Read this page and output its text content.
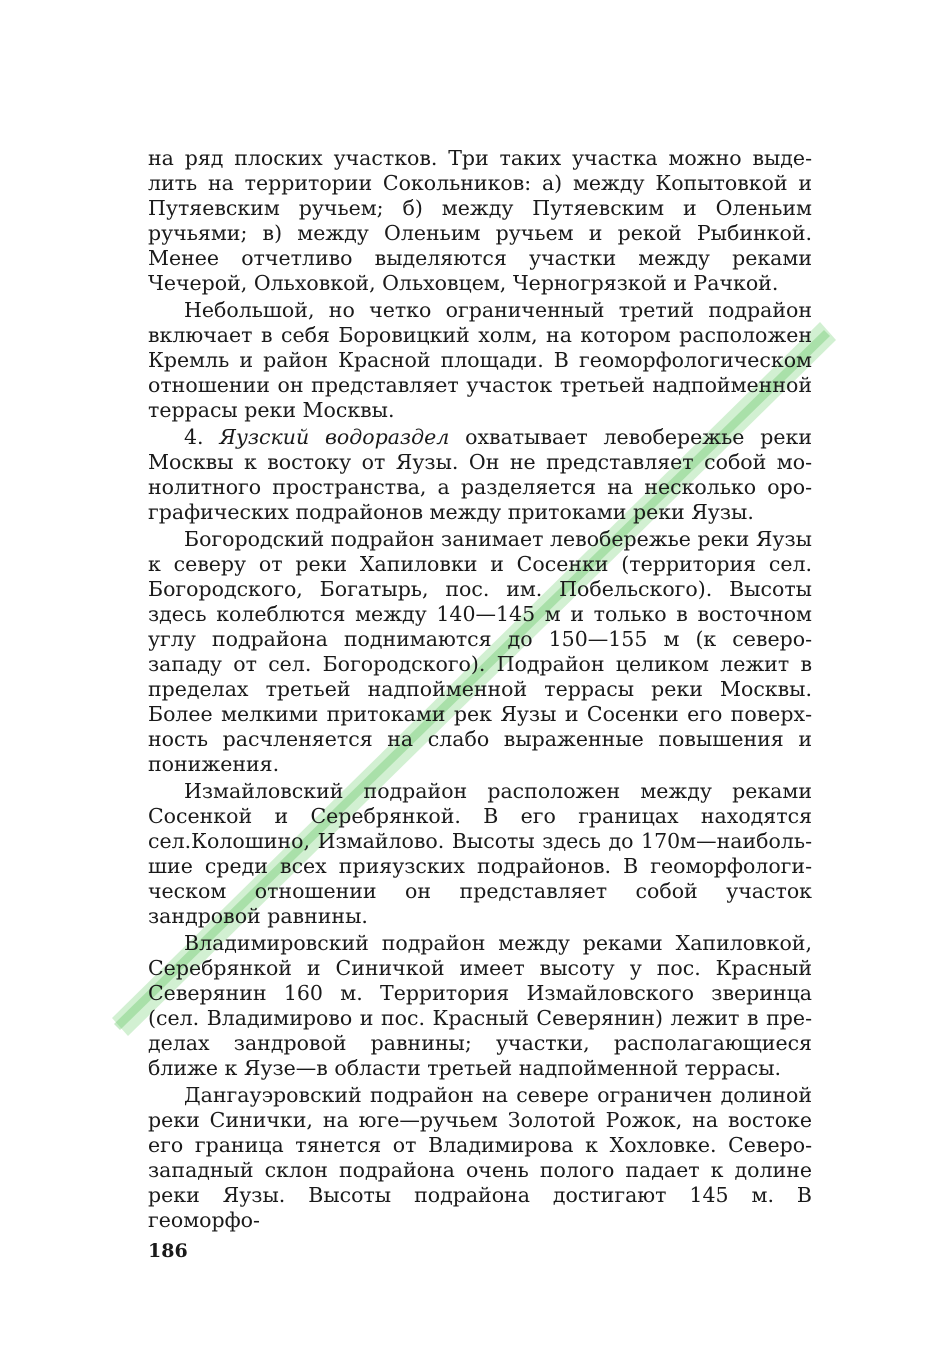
на ряд плоских участков. Три таких участка можно выделить на территории Сокольников: а) между Копытовкой и Путяевским ручьем; б) между Путяевским и Оленьим ручьями; в) между Оленьим ручьем и рекой Рыбинкой. Менее отчетливо выделяются участки между реками Чечерой, Ольховкой, Ольховцем, Черногрязкой и Рачкой.

Небольшой, но четко ограниченный третий подрайон включает в себя Боровицкий холм, на котором расположен Кремль и район Красной площади. В геоморфологическом отношении он представляет участок третьей надпойменной террасы реки Москвы.

4. Яузский водораздел охватывает левобережье реки Москвы к востоку от Яузы. Он не представляет собой монолитного пространства, а разделяется на несколько орографических подрайонов между притоками реки Яузы.

Богородский подрайон занимает левобережье реки Яузы к северу от реки Хапиловки и Сосенки (территория сел. Богородского, Богатырь, пос. им. Побельского). Высоты здесь колеблются между 140—145 м и только в восточном углу подрайона поднимаются до 150—155 м (к северозападу от сел. Богородского). Подрайон целиком лежит в пределах третьей надпойменной террасы реки Москвы. Более мелкими притоками рек Яузы и Сосенки его поверхность расчленяется на слабо выраженные повышения и понижения.

Измайловский подрайон расположен между реками Сосенкой и Серебрянкой. В его границах находятся сел.Колошино, Измайлово. Высоты здесь до 170м—наибольшие среди всех прияузских подрайонов. В геоморфологическом отношении он представляет собой участок зандровой равнины.

Владимировский подрайон между реками Хапиловкой, Серебрянкой и Синичкой имеет высоту у пос. Красный Северянин 160 м. Территория Измайловского зверинца (сел. Владимирово и пос. Красный Северянин) лежит в пределах зандровой равнины; участки, располагающиеся ближе к Яузе—в области третьей надпойменной террасы.

Дангауэровский подрайон на севере ограничен долиной реки Синички, на юге—ручьем Золотой Рожок, на востоке его граница тянется от Владимирова к Хохловке. Северозападный склон подрайона очень полого падает к долине реки Яузы. Высоты подрайона достигают 145 м. В геоморфо-

186
